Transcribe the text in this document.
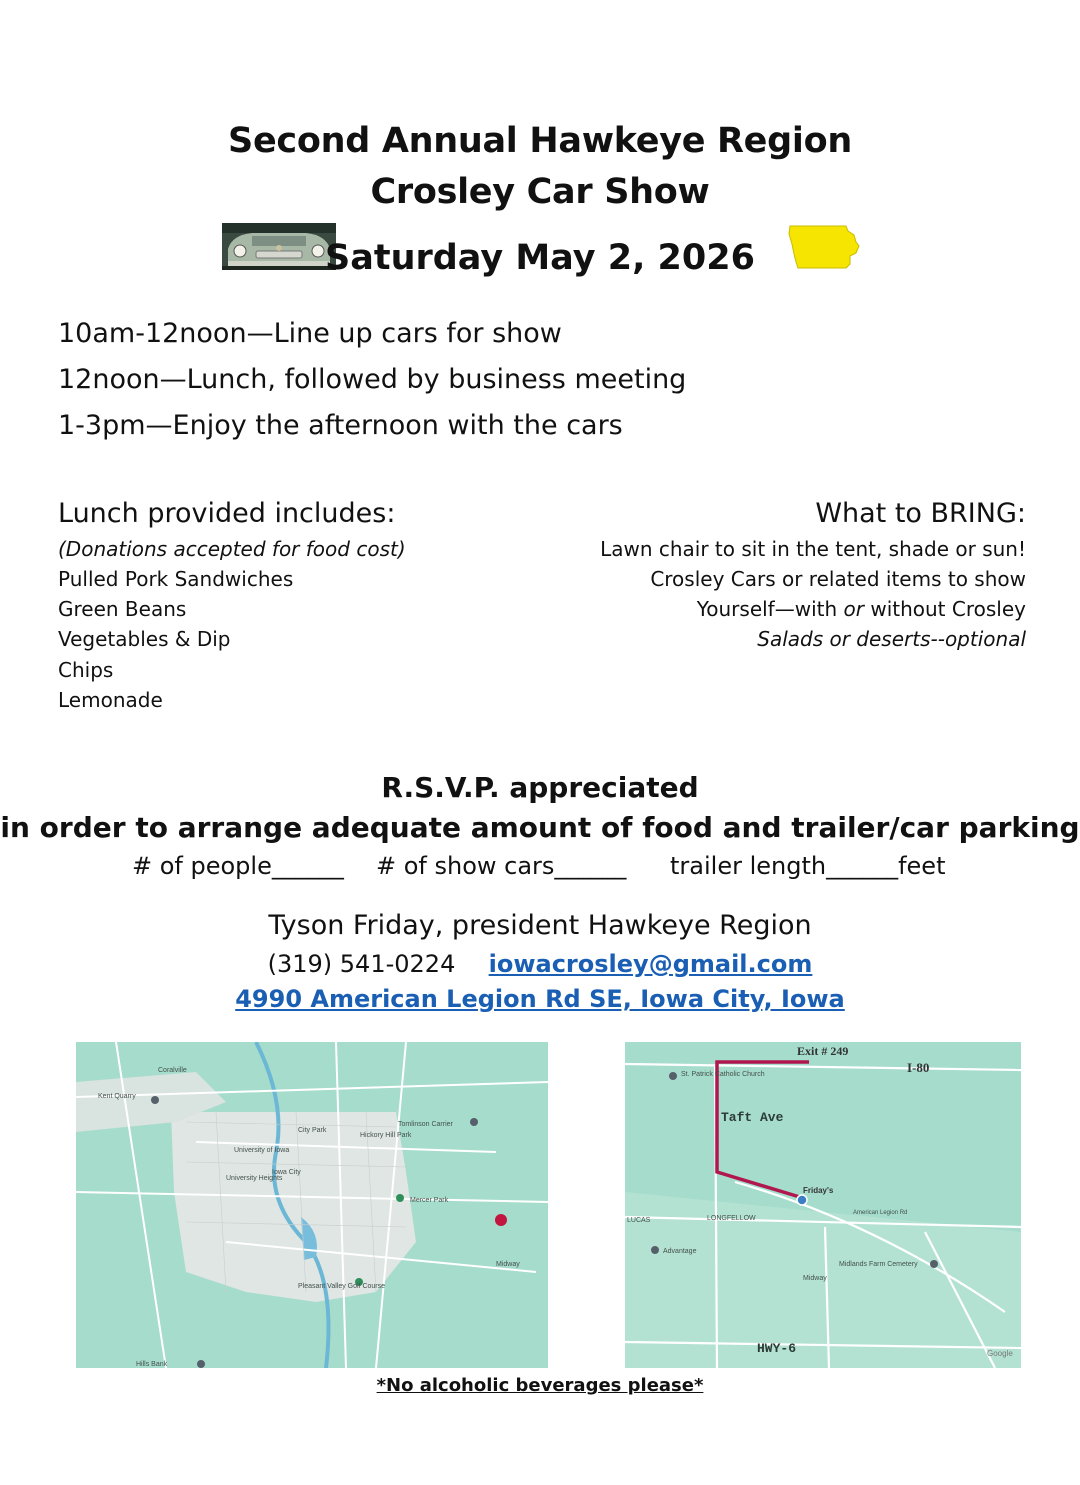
Second Annual Hawkeye Region
Crosley Car Show
Saturday May 2, 2026
10am-12noon—Line up cars for show
12noon—Lunch, followed by business meeting
1-3pm—Enjoy the afternoon with the cars
Lunch provided includes:
(Donations accepted for food cost)
Pulled Pork Sandwiches
Green Beans
Vegetables & Dip
Chips
Lemonade
What to BRING:
Lawn chair to sit in the tent, shade or sun!
Crosley Cars or related items to show
Yourself—with or without Crosley
Salads or deserts--optional
R.S.V.P. appreciated
in order to arrange adequate amount of food and trailer/car parking
# of people______ # of show cars______ trailer length______feet
Tyson Friday, president Hawkeye Region
(319) 541-0224 iowacrosley@gmail.com
4990 American Legion Rd SE, Iowa City, Iowa
Coralville
Kent Quarry
City Park
Hickory Hill Park
Tomlinson Carrier
University of Iowa
University Heights
Iowa City
Mercer Park
Midway
Pleasant Valley Golf Course
Hills Bank
Exit # 249
I-80
Taft Ave
St. Patrick Catholic Church
Friday's
LUCAS	LONGFELLOW
Advantage
Midlands Farm Cemetery
Midway
American Legion Rd
HWY-6	Google
*No alcoholic beverages please*
